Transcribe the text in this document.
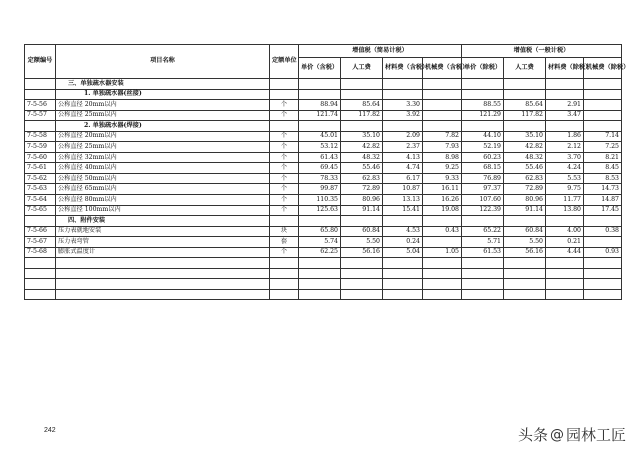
定额编号	项目名称	定额单位	增值税（简易计税）				增值税（一般计税）			
			单价（含税）	人工费	材料费（含税）	机械费（含税）	单价（除税）	人工费	材料费（除税）	机械费（除税）
	三、单独疏水器安装									
	1. 单独疏水器(丝接)									
7-5-56	公称直径 20mm以内	个	88.94	85.64	3.30		88.55	85.64	2.91	
7-5-57	公称直径 25mm以内	个	121.74	117.82	3.92		121.29	117.82	3.47	
	2. 单独疏水器(焊接)									
7-5-58	公称直径 20mm以内	个	45.01	35.10	2.09	7.82	44.10	35.10	1.86	7.14
7-5-59	公称直径 25mm以内	个	53.12	42.82	2.37	7.93	52.19	42.82	2.12	7.25
7-5-60	公称直径 32mm以内	个	61.43	48.32	4.13	8.98	60.23	48.32	3.70	8.21
7-5-61	公称直径 40mm以内	个	69.45	55.46	4.74	9.25	68.15	55.46	4.24	8.45
7-5-62	公称直径 50mm以内	个	78.33	62.83	6.17	9.33	76.89	62.83	5.53	8.53
7-5-63	公称直径 65mm以内	个	99.87	72.89	10.87	16.11	97.37	72.89	9.75	14.73
7-5-64	公称直径 80mm以内	个	110.35	80.96	13.13	16.26	107.60	80.96	11.77	14.87
7-5-65	公称直径 100mm以内	个	125.63	91.14	15.41	19.08	122.39	91.14	13.80	17.45
	四、附件安装									
7-5-66	压力表就地安装	块	65.80	60.84	4.53	0.43	65.22	60.84	4.00	0.38
7-5-67	压力表弯管	套	5.74	5.50	0.24		5.71	5.50	0.21	
7-5-68	膨胀式温度计	个	62.25	56.16	5.04	1.05	61.53	56.16	4.44	0.93

242	头条 @ 园林工匠
